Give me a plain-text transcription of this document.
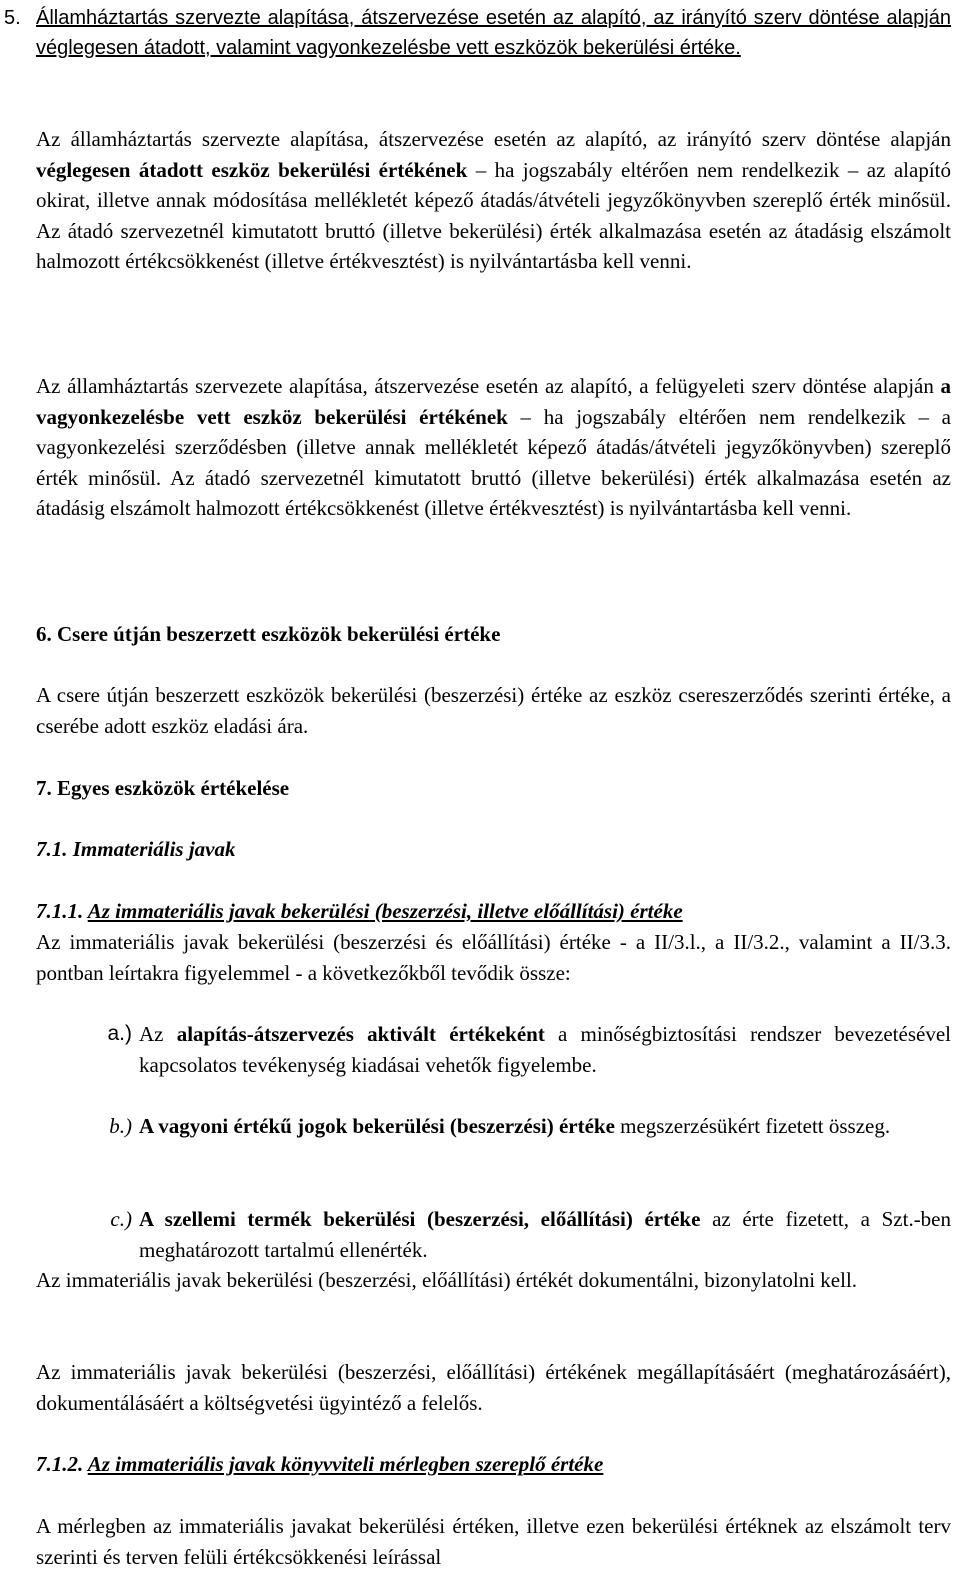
5. Államháztartás szervezte alapítása, átszervezése esetén az alapító, az irányító szerv döntése alapján véglegesen átadott, valamint vagyonkezelésbe vett eszközök bekerülési értéke.

Az államháztartás szervezte alapítása, átszervezése esetén az alapító, az irányító szerv döntése alapján véglegesen átadott eszköz bekerülési értékének – ha jogszabály eltérően nem rendelkezik – az alapító okirat, illetve annak módosítása mellékletét képező átadás/átvételi jegyzőkönyvben szereplő érték minősül. Az átadó szervezetnél kimutatott bruttó (illetve bekerülési) érték alkalmazása esetén az átadásig elszámolt halmozott értékcsökkenést (illetve értékvesztést) is nyilvántartásba kell venni.

Az államháztartás szervezete alapítása, átszervezése esetén az alapító, a felügyeleti szerv döntése alapján a vagyonkezelésbe vett eszköz bekerülési értékének – ha jogszabály eltérően nem rendelkezik – a vagyonkezelési szerződésben (illetve annak mellékletét képező átadás/átvételi jegyzőkönyvben) szereplő érték minősül. Az átadó szervezetnél kimutatott bruttó (illetve bekerülési) érték alkalmazása esetén az átadásig elszámolt halmozott értékcsökkenést (illetve értékvesztést) is nyilvántartásba kell venni.

6. Csere útján beszerzett eszközök bekerülési értéke

A csere útján beszerzett eszközök bekerülési (beszerzési) értéke az eszköz csereszerződés szerinti értéke, a cserébe adott eszköz eladási ára.

7. Egyes eszközök értékelése

7.1. Immateriális javak

7.1.1. Az immateriális javak bekerülési (beszerzési, illetve előállítási) értéke

Az immateriális javak bekerülési (beszerzési és előállítási) értéke - a II/3.l., a II/3.2., valamint a II/3.3. pontban leírtakra figyelemmel - a következőkből tevődik össze:

a.) Az alapítás-átszervezés aktivált értékeként a minőségbiztosítási rendszer bevezetésével kapcsolatos tevékenység kiadásai vehetők figyelembe.

b.) A vagyoni értékű jogok bekerülési (beszerzési) értéke megszerzésükért fizetett összeg.

c.) A szellemi termék bekerülési (beszerzési, előállítási) értéke az érte fizetett, a Szt.-ben meghatározott tartalmú ellenérték.

Az immateriális javak bekerülési (beszerzési, előállítási) értékét dokumentálni, bizonylatolni kell.

Az immateriális javak bekerülési (beszerzési, előállítási) értékének megállapításáért (meghatározásáért), dokumentálásáért a költségvetési ügyintéző a felelős.

7.1.2. Az immateriális javak könyvviteli mérlegben szereplő értéke

A mérlegben az immateriális javakat bekerülési értéken, illetve ezen bekerülési értéknek az elszámolt terv szerinti és terven felüli értékcsökkenési leírással
